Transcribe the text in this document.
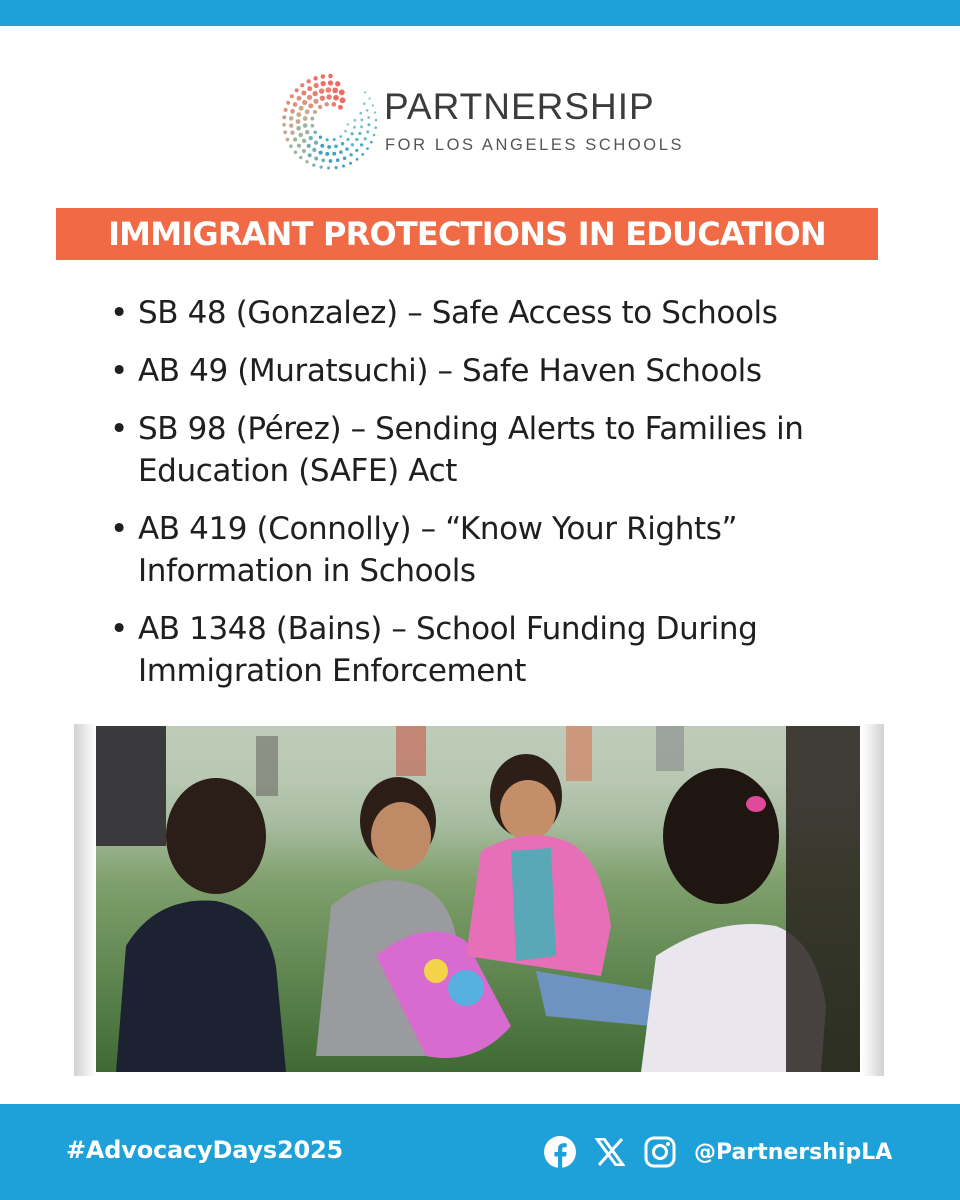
PARTNERSHIP
FOR LOS ANGELES SCHOOLS
IMMIGRANT PROTECTIONS IN EDUCATION
• SB 48 (Gonzalez) – Safe Access to Schools
• AB 49 (Muratsuchi) – Safe Haven Schools
• SB 98 (Pérez) – Sending Alerts to Families in Education (SAFE) Act
• AB 419 (Connolly) – “Know Your Rights” Information in Schools
• AB 1348 (Bains) – School Funding During Immigration Enforcement
#AdvocacyDays2025	@PartnershipLA
